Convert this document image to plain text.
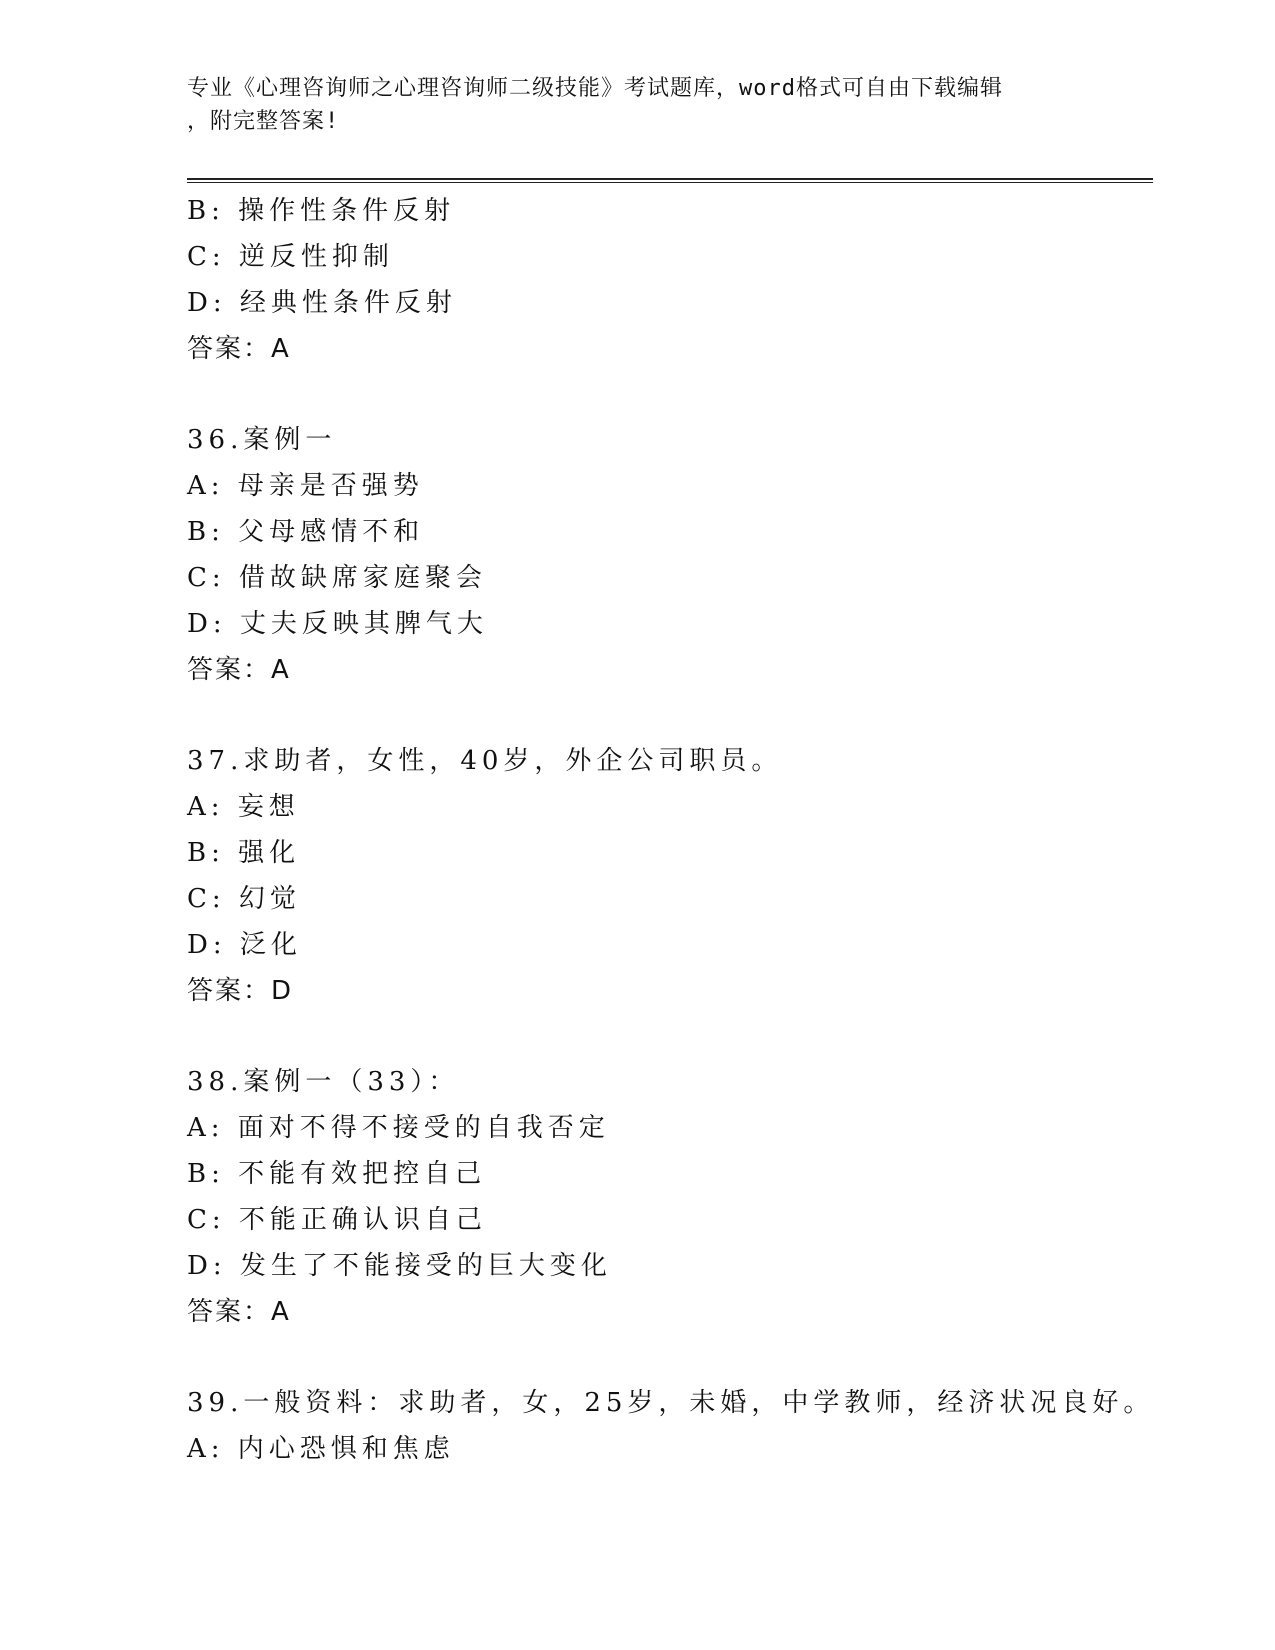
专业《心理咨询师之心理咨询师二级技能》考试题库，word格式可自由下载编辑
，附完整答案!
B: 操作性条件反射
C: 逆反性抑制
D: 经典性条件反射
答案：A
36.案例一
A: 母亲是否强势
B: 父母感情不和
C: 借故缺席家庭聚会
D: 丈夫反映其脾气大
答案：A
37.求助者，女性，40岁，外企公司职员。
A: 妄想
B: 强化
C: 幻觉
D: 泛化
答案：D
38.案例一（33）：
A: 面对不得不接受的自我否定
B: 不能有效把控自己
C: 不能正确认识自己
D: 发生了不能接受的巨大变化
答案：A
39.一般资料：求助者，女，25岁，未婚，中学教师，经济状况良好。
A: 内心恐惧和焦虑
